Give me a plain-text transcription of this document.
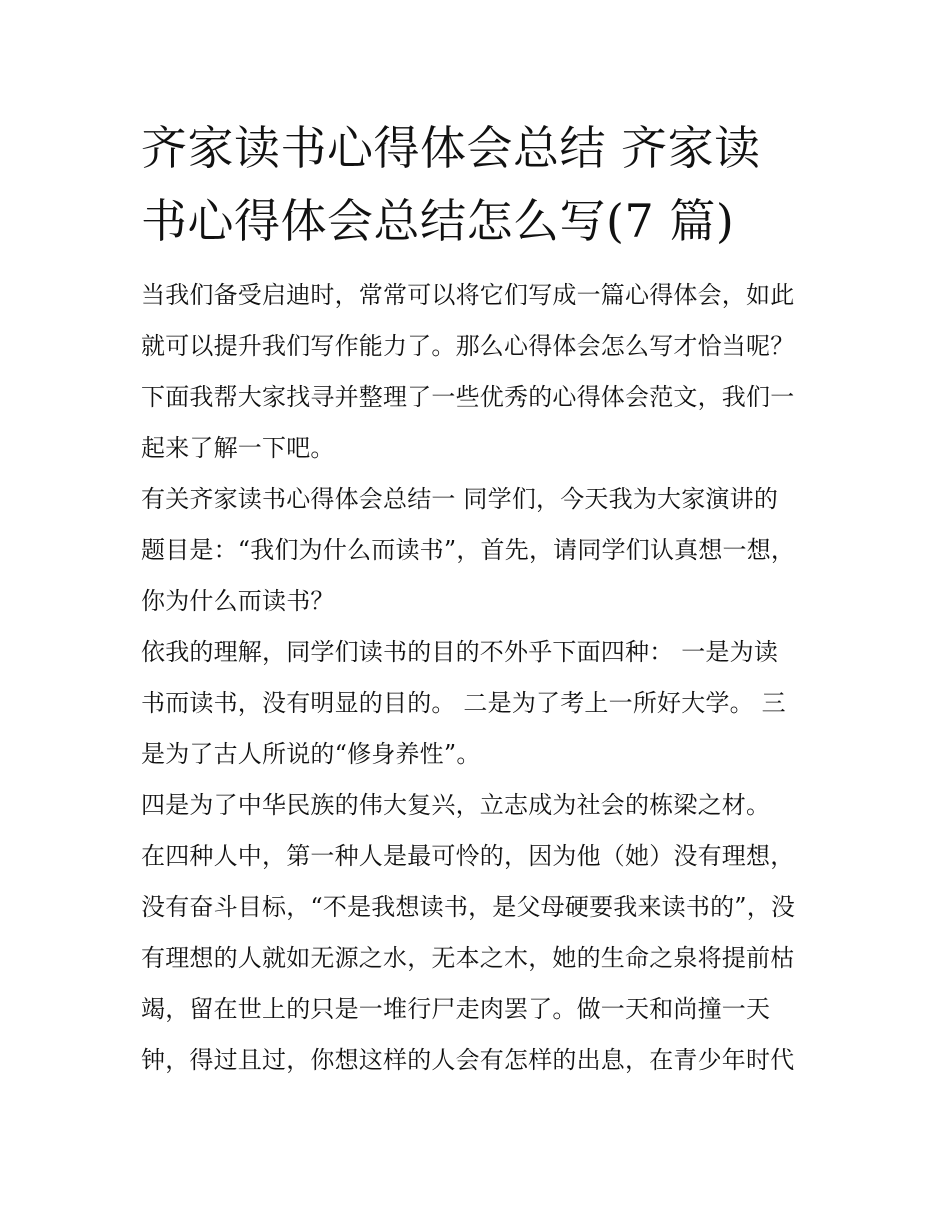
齐家读书心得体会总结 齐家读
书心得体会总结怎么写(7 篇)

当我们备受启迪时，常常可以将它们写成一篇心得体会，如此
就可以提升我们写作能力了。那么心得体会怎么写才恰当呢？
下面我帮大家找寻并整理了一些优秀的心得体会范文，我们一
起来了解一下吧。

有关齐家读书心得体会总结一 同学们，今天我为大家演讲的
题目是：“我们为什么而读书”，首先，请同学们认真想一想，
你为什么而读书？

依我的理解，同学们读书的目的不外乎下面四种： 一是为读
书而读书，没有明显的目的。 二是为了考上一所好大学。 三
是为了古人所说的“修身养性”。

四是为了中华民族的伟大复兴，立志成为社会的栋梁之材。

在四种人中，第一种人是最可怜的，因为他（她）没有理想，
没有奋斗目标，“不是我想读书，是父母硬要我来读书的”，没
有理想的人就如无源之水，无本之木，她的生命之泉将提前枯
竭，留在世上的只是一堆行尸走肉罢了。做一天和尚撞一天
钟，得过且过，你想这样的人会有怎样的出息，在青少年时代
